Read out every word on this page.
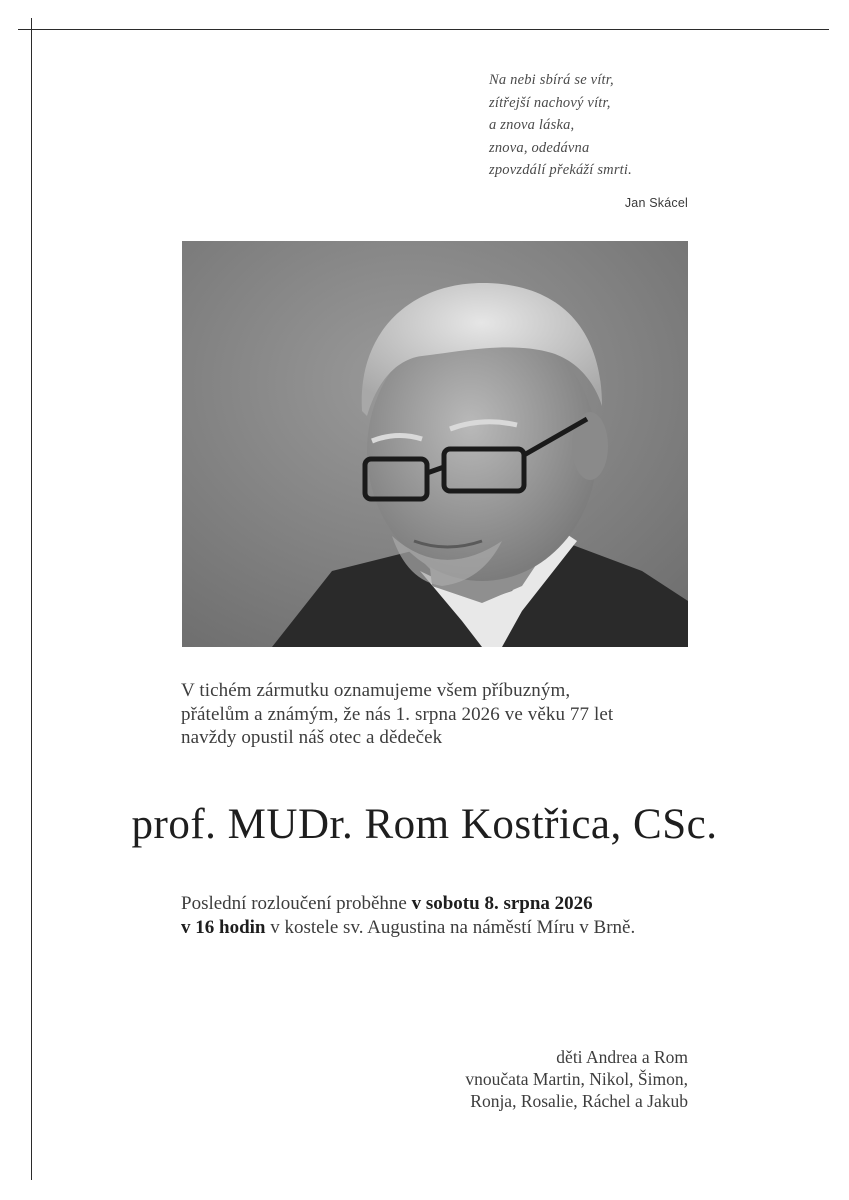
Na nebi sbírá se vítr,
zítřejší nachový vítr,
a znova láska,
znova, odedávna
zpovzdálí překáží smrti.
Jan Skácel
V tichém zármutku oznamujeme všem příbuzným,
přátelům a známým, že nás 1. srpna 2026 ve věku 77 let
navždy opustil náš otec a dědeček
prof. MUDr. Rom Kostřica, CSc.
Poslední rozloučení proběhne v sobotu 8. srpna 2026
v 16 hodin v kostele sv. Augustina na náměstí Míru v Brně.
děti Andrea a Rom
vnoučata Martin, Nikol, Šimon,
Ronja, Rosalie, Ráchel a Jakub
